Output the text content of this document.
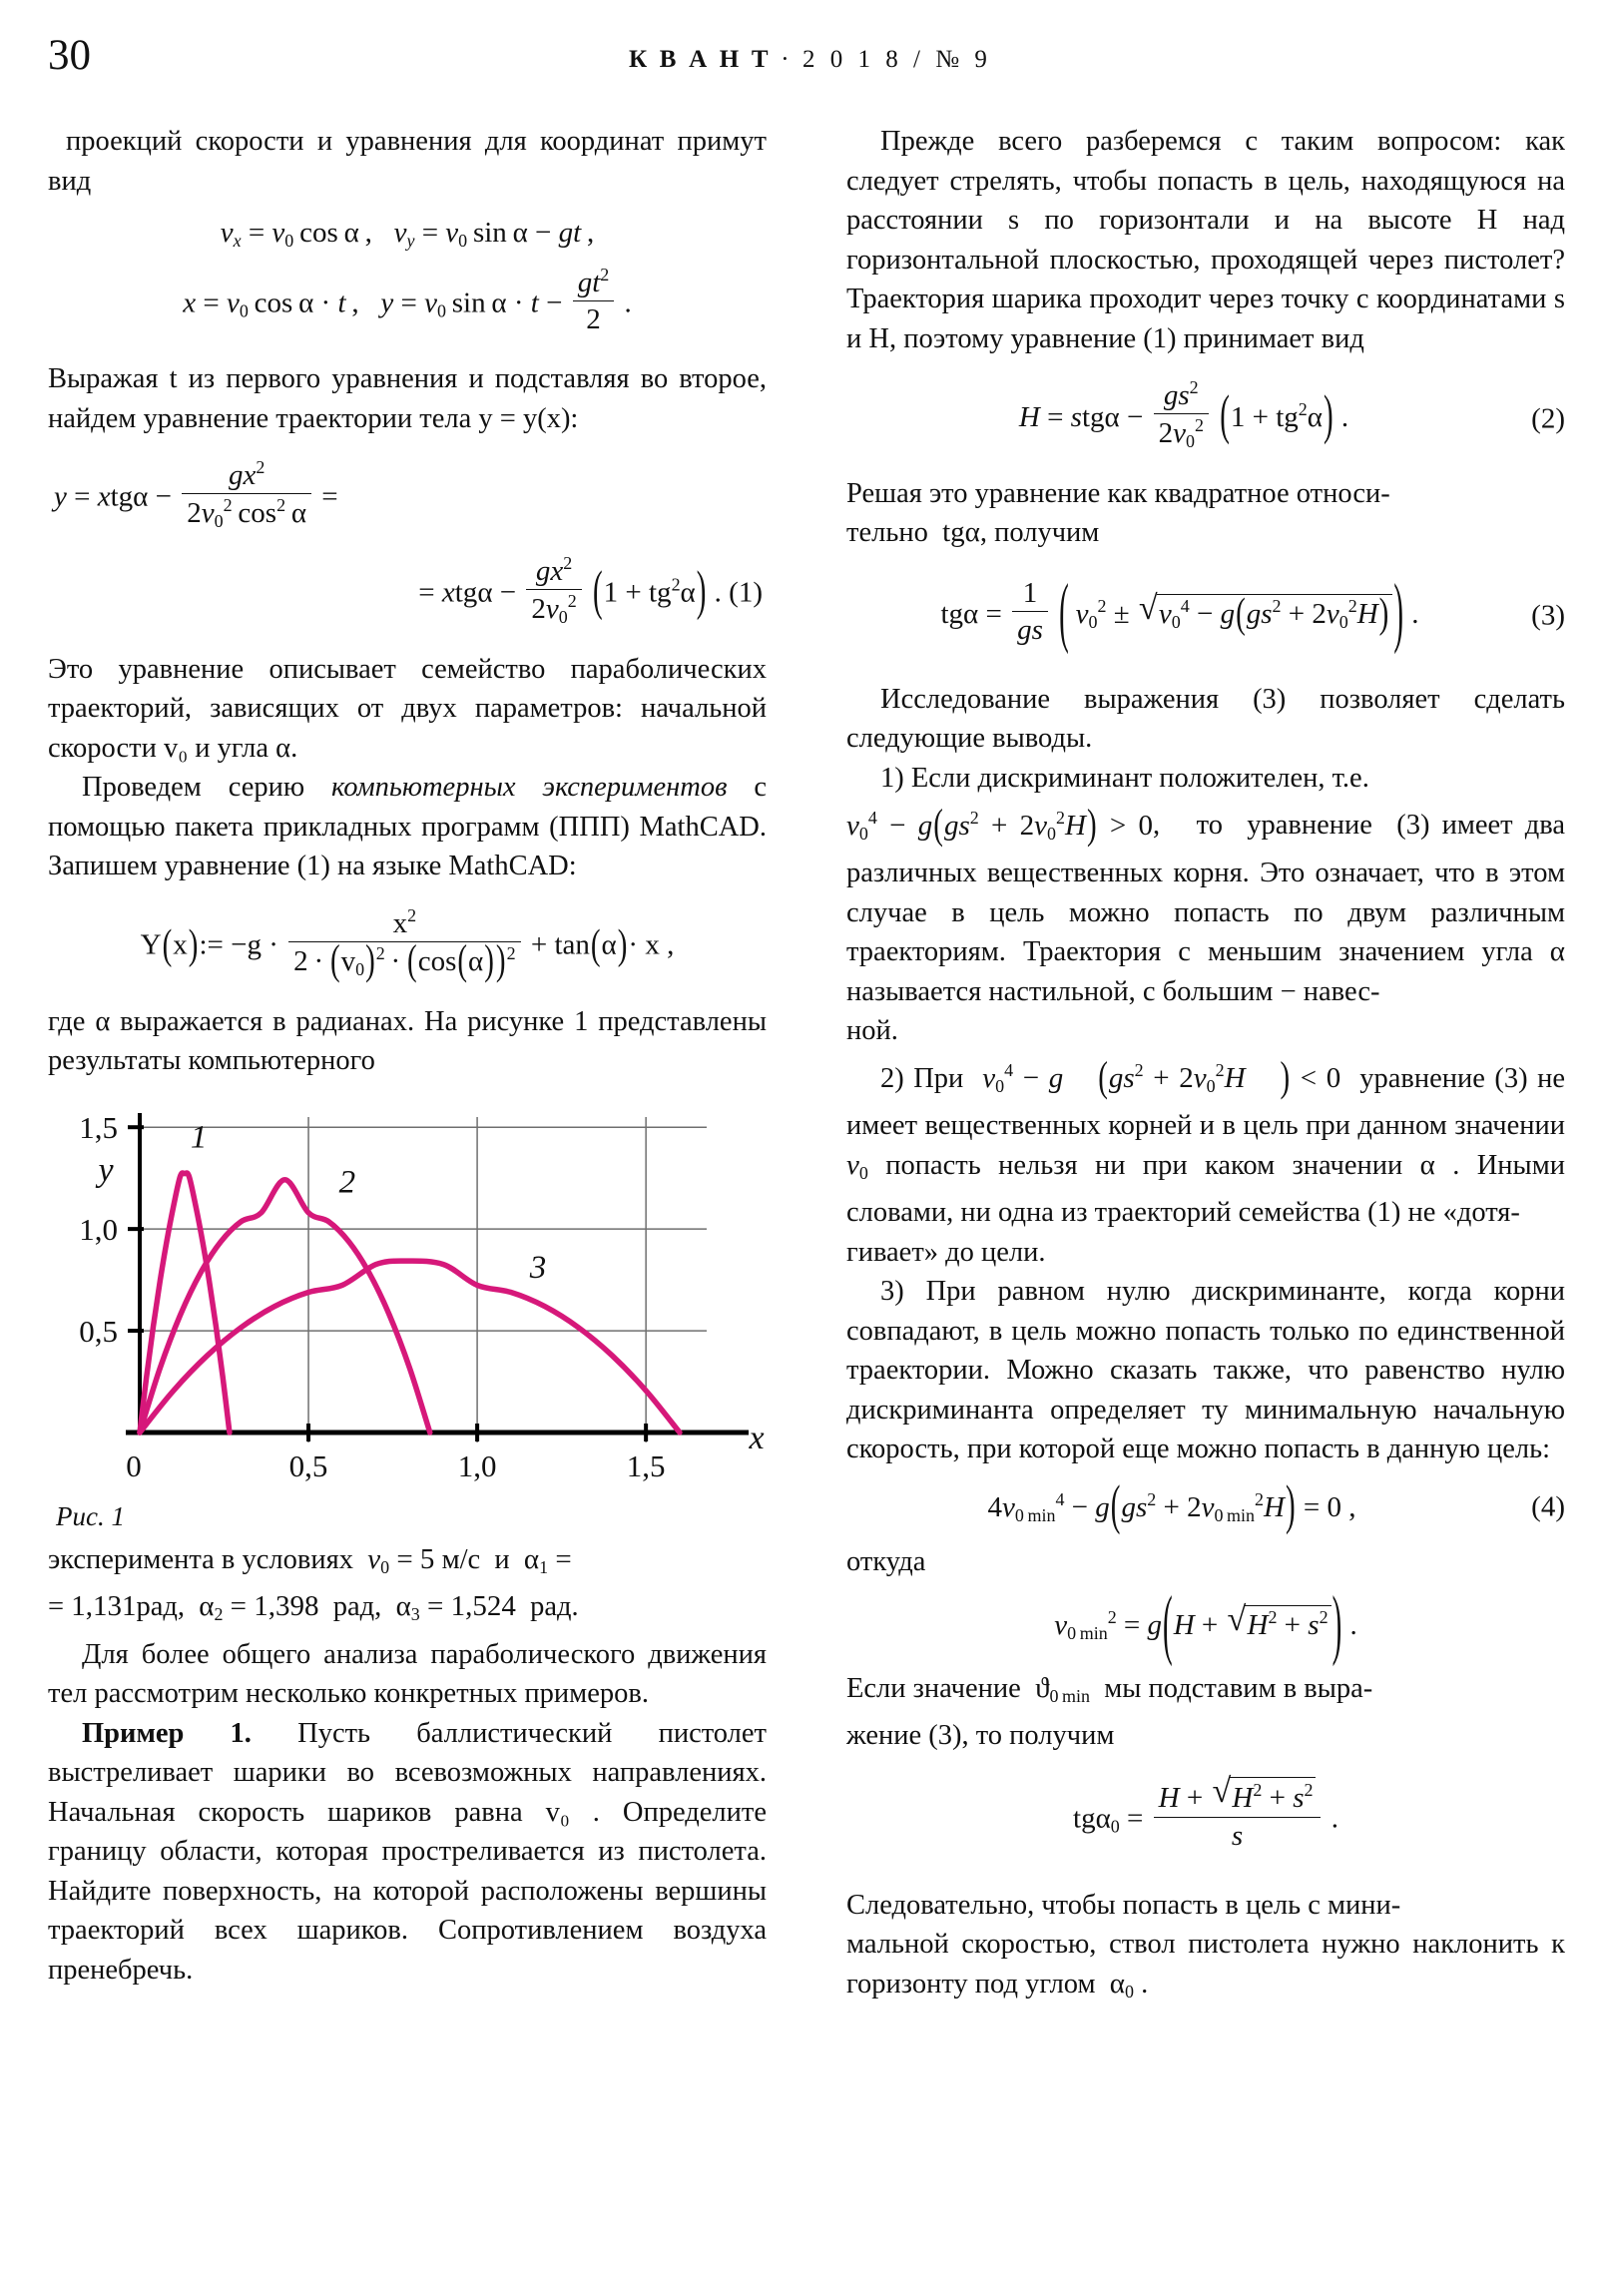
30	К В А Н Т · 2 0 1 8 / № 9

проекций скорости и уравнения для координат примут вид

vx = $v_0$  cos α ,   vy = $v_0$  sin α − gt ,
$x = v_0$  cos α · t ,   $y = v_0$  $\sin \alpha \cdot t - \frac{gt^2}{2}$ .

Выражая t из первого уравнения и подставляя во второе, найдем уравнение траектории тела y = y(x):

$y = xtg\alpha - \frac{gx^2}{2v_0^2 \cos^2 \alpha}$ =
= $xtg\alpha - \frac{gx^2}{2v_0^2} (1 + tg^2\alpha)$ . (1)

Это уравнение описывает семейство параболических траекторий, зависящих от двух параметров: начальной скорости v₀ и угла α.

Проведем серию компьютерных экспериментов с помощью пакета прикладных программ (ППП) MathCAD. Запишем уравнение (1) на языке MathCAD:

Y(x):= $-g \cdot \frac{x^2}{2 \cdot (v_0)^2 \cdot (\cos(\alpha))^2} + \tan(\alpha)\cdot x$ ,

где α выражается в радианах. На рисунке 1 представлены результаты компьютерного

0,5
1,0
1,5
0	0,5	1,0	1,5
y
x
1
2
3
Рис. 1

эксперимента в условиях  $v_0 = 5$ м/с  и  $\alpha_1$ =
= 1,131рад,  $\alpha_2 = 1,398$  рад,  $\alpha_3 = 1,524$  рад.

Для более общего анализа параболического движения тел рассмотрим несколько конкретных примеров.

Пример 1. Пусть баллистический пистолет выстреливает шарики во всевозможных направлениях. Начальная скорость шариков равна v₀ . Определите границу области, которая простреливается из пистолета. Найдите поверхность, на которой расположены вершины траекторий всех шариков. Сопротивлением воздуха пренебречь.

Прежде всего разберемся с таким вопросом: как следует стрелять, чтобы попасть в цель, находящуюся на расстоянии s по горизонтали и на высоте H над горизонтальной плоскостью, проходящей через пистолет? Траектория шарика проходит через точку с координатами s и H, поэтому уравнение (1) принимает вид

$H = stg\alpha - \frac{gs^2}{2v_0^2} (1 + tg^2\alpha)$ .	(2)

Решая это уравнение как квадратное относи-
тельно  tgα, получим

$tg\alpha = \frac{1}{gs}$ (  $v_0^2$ ± √ $v_0^4 - g(gs^2 + 2v_0^2H)$ ) .	(3)

Исследование выражения (3) позволяет сделать следующие выводы.

1) Если дискриминант положителен, т.е.

$v_0^4 - g(gs^2 + 2v_0^2H) > 0$,   то  уравнение  (3) имеет два различных вещественных корня. Это означает, что в этом случае в цель можно попасть по двум различным траекториям. Траектория с меньшим значением угла α называется настильной, с большим − навес-
ной.

2) При $v_0^4 - g$ ($gs^2 + 2v_0^2H$ ) < 0  уравнение (3) не имеет вещественных корней и в цель при данном значении $v_0$ попасть нельзя ни при каком значении α . Иными словами, ни одна из траекторий семейства (1) не «дотя-
гивает» до цели.

3) При равном нулю дискриминанте, когда корни совпадают, в цель можно попасть только по единственной траектории. Можно сказать также, что равенство нулю дискриминанта определяет ту минимальную начальную скорость, при которой еще можно попасть в данную цель:

$4v_{0 min}^4 - g(gs^2 + 2v_{0 min}^2H) = 0$ ,	(4)

откуда

$v_{0 min}^2 = g(H$ + √ $H^2 + s^2$ ) .

Если значение  $ϑ_{0 min}$  мы подставим в выра-
жение (3), то получим

$tg\alpha_0 = \frac{H + √ H^2 + s^2}{s}$ .

Следовательно, чтобы попасть в цель с мини-
мальной скоростью, ствол пистолета нужно наклонить к горизонту под углом  $\alpha_0$ .
